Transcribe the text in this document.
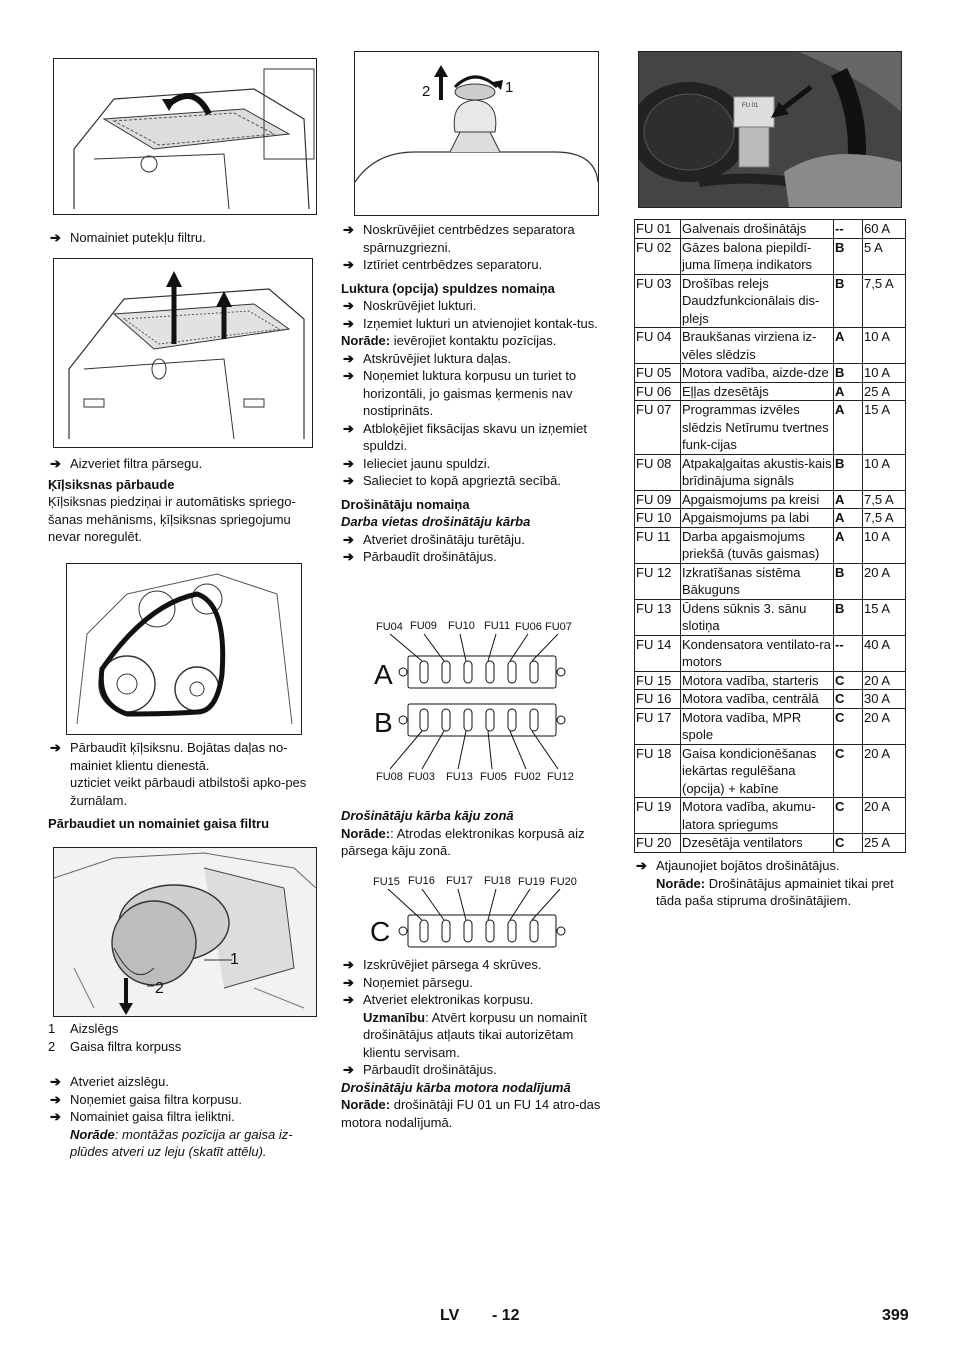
➔ Nomainiet putekļu filtru.
➔ Aizveriet filtra pārsegu.
Ķīļsiksnas pārbaude
Ķīļsiksnas piedziņai ir automātisks spriego-šanas mehānisms, ķīļsiksnas spriegojumu nevar noregulēt.
➔ Pārbaudīt ķīļsiksnu. Bojātas daļas no-mainiet klientu dienestā.
uzticiet veikt pārbaudi atbilstoši apko-pes žurnālam.
Pārbaudiet un nomainiet gaisa filtru
1
2
1	Aizslēgs
2	Gaisa filtra korpuss
➔ Atveriet aizslēgu.
➔ Noņemiet gaisa filtra korpusu.
➔ Nomainiet gaisa filtra ieliktni.
Norāde: montāžas pozīcija ar gaisa iz-plūdes atveri uz leju (skatīt attēlu).
2	1
➔ Noskrūvējiet centrbēdzes separatora spārnuzgriezni.
➔ Iztīriet centrbēdzes separatoru.
Luktura (opcija) spuldzes nomaiņa
➔ Noskrūvējiet lukturi.
➔ Izņemiet lukturi un atvienojiet kontak-tus.
Norāde: ievērojiet kontaktu pozīcijas.
➔ Atskrūvējiet luktura daļas.
➔ Noņemiet luktura korpusu un turiet to horizontāli, jo gaismas ķermenis nav nostiprināts.
➔ Atbloķējiet fiksācijas skavu un izņemiet spuldzi.
➔ Ielieciet jaunu spuldzi.
➔ Salieciet to kopā apgrieztā secībā.
Drošinātāju nomaiņa
Darba vietas drošinātāju kārba
➔ Atveriet drošinātāju turētāju.
➔ Pārbaudīt drošinātājus.
FU04 FU09 FU10 FU11 FU06 FU07
FU08 FU03 FU13 FU05 FU02 FU12
A
B
Drošinātāju kārba kāju zonā
Norāde:: Atrodas elektronikas korpusā aiz pārsega kāju zonā.
FU15 FU16 FU17 FU18 FU19 FU20
C
➔ Izskrūvējiet pārsega 4 skrūves.
➔ Noņemiet pārsegu.
➔ Atveriet elektronikas korpusu.
Uzmanību: Atvērt korpusu un nomainīt drošinātājus atļauts tikai autorizētam klientu servisam.
➔ Pārbaudīt drošinātājus.
Drošinātāju kārba motora nodalījumā
Norāde: drošinātāji FU 01 un FU 14 atro-das motora nodalījumā.
FU 01
FU 01	Galvenais drošinātājs	--	60 A
FU 02	Gāzes balona piepildī-juma līmeņa indikators	B	5 A
FU 03	Drošības relejs Daudzfunkcionālais dis-plejs	B	7,5 A
FU 04	Braukšanas virziena iz-vēles slēdzis	A	10 A
FU 05	Motora vadība, aizde-dze	B	10 A
FU 06	Eļļas dzesētājs	A	25 A
FU 07	Programmas izvēles slēdzis Netīrumu tvertnes funk-cijas	A	15 A
FU 08	Atpakaļgaitas akustis-kais brīdinājuma signāls	B	10 A
FU 09	Apgaismojums pa kreisi	A	7,5 A
FU 10	Apgaismojums pa labi	A	7,5 A
FU 11	Darba apgaismojums priekšā (tuvās gaismas)	A	10 A
FU 12	Izkratīšanas sistēma Bākuguns	B	20 A
FU 13	Ūdens sūknis 3. sānu slotiņa	B	15 A
FU 14	Kondensatora ventilato-ra motors	--	40 A
FU 15	Motora vadība, starteris	C	20 A
FU 16	Motora vadība, centrālā	C	30 A
FU 17	Motora vadība, MPR spole	C	20 A
FU 18	Gaisa kondicionēšanas iekārtas regulēšana (opcija) + kabīne	C	20 A
FU 19	Motora vadība, akumu-latora spriegums	C	20 A
FU 20	Dzesētāja ventilators	C	25 A
➔ Atjaunojiet bojātos drošinātājus.
Norāde: Drošinātājus apmainiet tikai pret tāda paša stipruma drošinātājiem.
LV - 12	399
